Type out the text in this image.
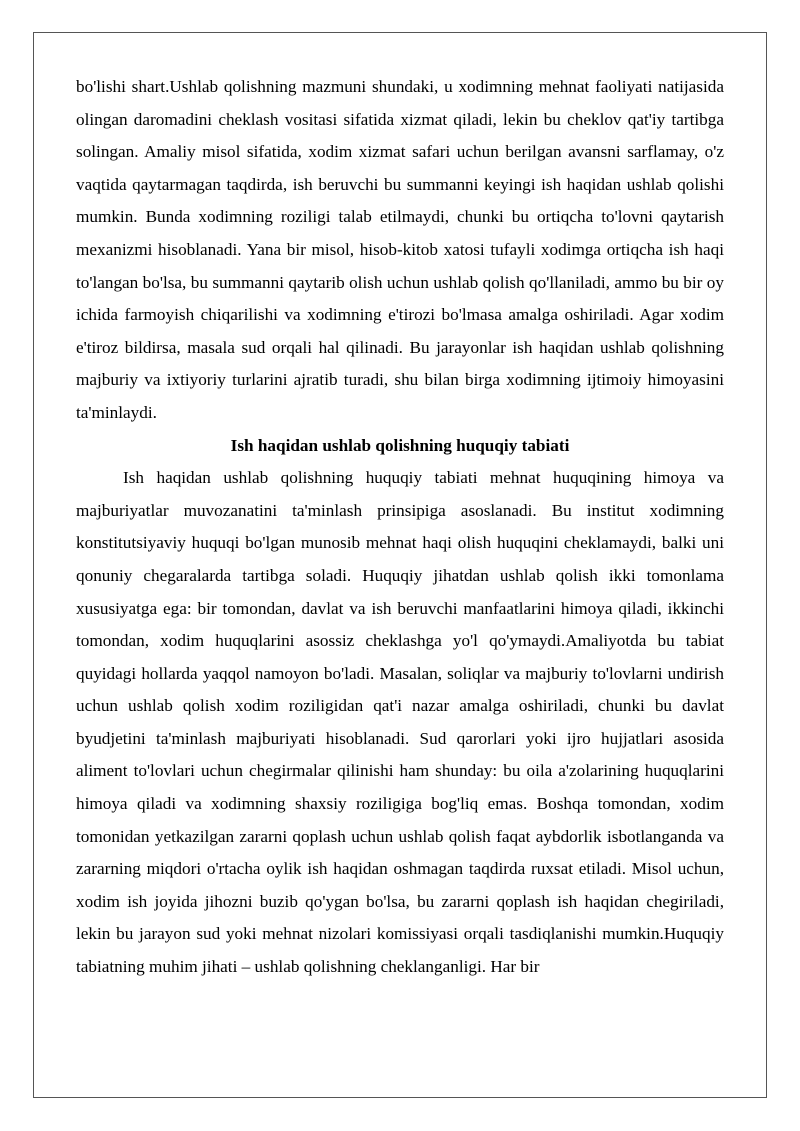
bo'lishi shart.Ushlab qolishning mazmuni shundaki, u xodimning mehnat faoliyati natijasida olingan daromadini cheklash vositasi sifatida xizmat qiladi, lekin bu cheklov qat'iy tartibga solingan. Amaliy misol sifatida, xodim xizmat safari uchun berilgan avansni sarflamay, o'z vaqtida qaytarmagan taqdirda, ish beruvchi bu summanni keyingi ish haqidan ushlab qolishi mumkin. Bunda xodimning roziligi talab etilmaydi, chunki bu ortiqcha to'lovni qaytarish mexanizmi hisoblanadi. Yana bir misol, hisob-kitob xatosi tufayli xodimga ortiqcha ish haqi to'langan bo'lsa, bu summanni qaytarib olish uchun ushlab qolish qo'llaniladi, ammo bu bir oy ichida farmoyish chiqarilishi va xodimning e'tirozi bo'lmasa amalga oshiriladi. Agar xodim e'tiroz bildirsa, masala sud orqali hal qilinadi. Bu jarayonlar ish haqidan ushlab qolishning majburiy va ixtiyoriy turlarini ajratib turadi, shu bilan birga xodimning ijtimoiy himoyasini ta'minlaydi.

Ish haqidan ushlab qolishning huquqiy tabiati

Ish haqidan ushlab qolishning huquqiy tabiati mehnat huquqining himoya va majburiyatlar muvozanatini ta'minlash prinsipiga asoslanadi. Bu institut xodimning konstitutsiyaviy huquqi bo'lgan munosib mehnat haqi olish huquqini cheklamaydi, balki uni qonuniy chegaralarda tartibga soladi. Huquqiy jihatdan ushlab qolish ikki tomonlama xususiyatga ega: bir tomondan, davlat va ish beruvchi manfaatlarini himoya qiladi, ikkinchi tomondan, xodim huquqlarini asossiz cheklashga yo'l qo'ymaydi.Amaliyotda bu tabiat quyidagi hollarda yaqqol namoyon bo'ladi. Masalan, soliqlar va majburiy to'lovlarni undirish uchun ushlab qolish xodim roziligidan qat'i nazar amalga oshiriladi, chunki bu davlat byudjetini ta'minlash majburiyati hisoblanadi. Sud qarorlari yoki ijro hujjatlari asosida aliment to'lovlari uchun chegirmalar qilinishi ham shunday: bu oila a'zolarining huquqlarini himoya qiladi va xodimning shaxsiy roziligiga bog'liq emas. Boshqa tomondan, xodim tomonidan yetkazilgan zararni qoplash uchun ushlab qolish faqat aybdorlik isbotlanganda va zararning miqdori o'rtacha oylik ish haqidan oshmagan taqdirda ruxsat etiladi. Misol uchun, xodim ish joyida jihozni buzib qo'ygan bo'lsa, bu zararni qoplash ish haqidan chegiriladi, lekin bu jarayon sud yoki mehnat nizolari komissiyasi orqali tasdiqlanishi mumkin.Huquqiy tabiatning muhim jihati – ushlab qolishning cheklanganligi. Har bir
